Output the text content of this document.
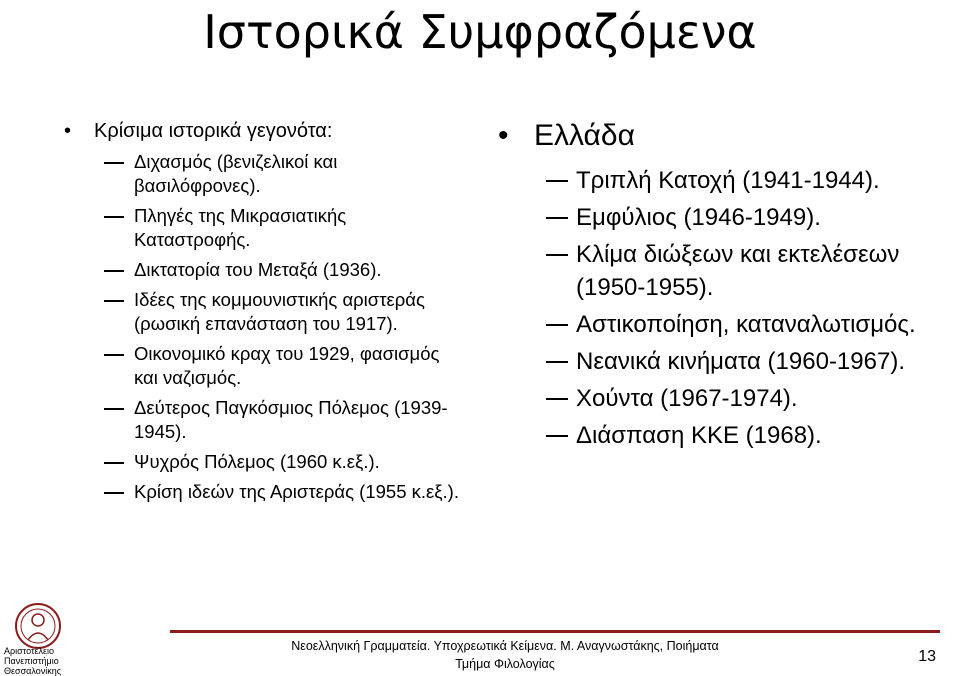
Ιστορικά Συμφραζόμενα
• Κρίσιμα ιστορικά γεγονότα:
Διχασμός (βενιζελικοί και βασιλόφρονες).
Πληγές της Μικρασιατικής Καταστροφής.
Δικτατορία του Μεταξά (1936).
Ιδέες της κομμουνιστικής αριστεράς (ρωσική επανάσταση του 1917).
Οικονομικό κραχ του 1929, φασισμός και ναζισμός.
Δεύτερος Παγκόσμιος Πόλεμος (1939-1945).
Ψυχρός Πόλεμος (1960 κ.εξ.).
Κρίση ιδεών της Αριστεράς (1955 κ.εξ.).
• Ελλάδα
Τριπλή Κατοχή (1941-1944).
Εμφύλιος (1946-1949).
Κλίμα διώξεων και εκτελέσεων (1950-1955).
Αστικοποίηση, καταναλωτισμός.
Νεανικά κινήματα (1960-1967).
Χούντα (1967-1974).
Διάσπαση ΚΚΕ (1968).
Αριστοτέλειο
Πανεπιστήμιο
Θεσσαλονίκης
Νεοελληνική Γραμματεία. Υποχρεωτικά Κείμενα. Μ. Αναγνωστάκης, Ποιήματα
Τμήμα Φιλολογίας	13
